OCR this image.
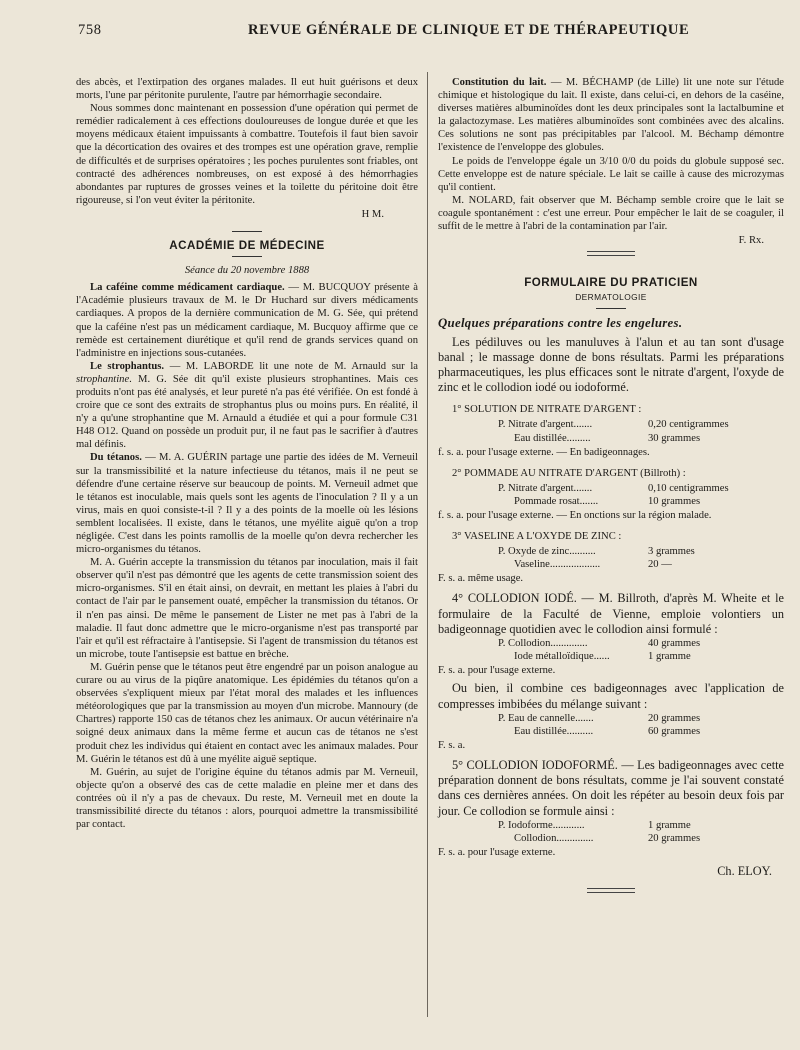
758	REVUE GÉNÉRALE DE CLINIQUE ET DE THÉRAPEUTIQUE

des abcès, et l'extirpation des organes malades. Il eut huit guérisons et deux morts, l'une par péritonite purulente, l'autre par hémorrhagie secondaire.

Nous sommes donc maintenant en possession d'une opération qui permet de remédier radicalement à ces effections douloureuses de longue durée et que les moyens médicaux étaient impuissants à combattre. Toutefois il faut bien savoir que la décortication des ovaires et des trompes est une opération grave, remplie de difficultés et de surprises opératoires ; les poches purulentes sont friables, ont contracté des adhérences nombreuses, on est exposé à des hémorrhagies abondantes par ruptures de grosses veines et la toilette du péritoine doit être rigoureuse, si l'on veut éviter la péritonite.

H M.

ACADÉMIE DE MÉDECINE

Séance du 20 novembre 1888

La caféine comme médicament cardiaque. — M. BUCQUOY présente à l'Académie plusieurs travaux de M. le Dr Huchard sur divers médicaments cardiaques. A propos de la dernière communication de M. G. Sée, qui prétend que la caféine n'est pas un médicament cardiaque, M. Bucquoy affirme que ce remède est certainement diurétique et qu'il rend de grands services quand on l'administre en injections sous-cutanées.

Le strophantus. — M. LABORDE lit une note de M. Arnauld sur la strophantine. M. G. Sée dit qu'il existe plusieurs strophantines. Mais ces produits n'ont pas été analysés, et leur pureté n'a pas été vérifiée. On est fondé à croire que ce sont des extraits de strophantus plus ou moins purs. En réalité, il n'y a qu'une strophantine que M. Arnauld a étudiée et qui a pour formule C31 H48 O12. Quand on possède un produit pur, il ne faut pas le sacrifier à d'autres mal définis.

Du tétanos. — M. A. GUÉRIN partage une partie des idées de M. Verneuil sur la transmissibilité et la nature infectieuse du tétanos, mais il ne peut se défendre d'une certaine réserve sur beaucoup de points. M. Verneuil admet que le tétanos est inoculable, mais quels sont les agents de l'inoculation ? Il y a un virus, mais en quoi consiste-t-il ? Il y a des points de la moelle où les lésions semblent localisées. Il existe, dans le tétanos, une myélite aiguë qu'on a trop négligée. C'est dans les points ramollis de la moelle qu'on devra rechercher les micro-organismes du tétanos.

M. A. Guérin accepte la transmission du tétanos par inoculation, mais il fait observer qu'il n'est pas démontré que les agents de cette transmission soient des micro-organismes. S'il en était ainsi, on devrait, en mettant les plaies à l'abri du contact de l'air par le pansement ouaté, empêcher la transmission du tétanos. Or il n'en pas ainsi. De même le pansement de Lister ne met pas à l'abri de la maladie. Il faut donc admettre que le micro-organisme n'est pas transporté par l'air et qu'il est réfractaire à l'antisepsie. Si l'agent de transmission du tétanos est un microbe, toute l'antisepsie est battue en brèche.

M. Guérin pense que le tétanos peut être engendré par un poison analogue au curare ou au virus de la piqûre anatomique. Les épidémies du tétanos qu'on a observées s'expliquent mieux par l'état moral des malades et les influences météorologiques que par la transmission au moyen d'un microbe. Mannoury (de Chartres) rapporte 150 cas de tétanos chez les animaux. Or aucun vétérinaire n'a soigné deux animaux dans la même ferme et aucun cas de tétanos ne s'est produit chez les individus qui étaient en contact avec les animaux malades. Pour M. Guérin le tétanos est dû à une myélite aiguë septique.

M. Guérin, au sujet de l'origine équine du tétanos admis par M. Verneuil, objecte qu'on a observé des cas de cette maladie en pleine mer et dans des contrées où il n'y a pas de chevaux. Du reste, M. Verneuil met en doute la transmissibilité directe du tétanos : alors, pourquoi admettre la transmissibilité par contact.

Constitution du lait. — M. BÉCHAMP (de Lille) lit une note sur l'étude chimique et histologique du lait. Il existe, dans celui-ci, en dehors de la caséine, diverses matières albuminoïdes dont les deux principales sont la lactalbumine et la galactozymase. Les matières albuminoïdes sont combinées avec des alcalins. Ces solutions ne sont pas précipitables par l'alcool. M. Béchamp démontre l'existence de l'enveloppe des globules.

Le poids de l'enveloppe égale un 3/10 0/0 du poids du globule supposé sec. Cette enveloppe est de nature spéciale. Le lait se caille à cause des microzymas qu'il contient.

M. NOLARD, fait observer que M. Béchamp semble croire que le lait se coagule spontanément : c'est une erreur. Pour empêcher le lait de se coaguler, il suffit de le mettre à l'abri de la contamination par l'air.

F. Rx.

FORMULAIRE DU PRATICIEN

DERMATOLOGIE

Quelques préparations contre les engelures.

Les pédiluves ou les manuluves à l'alun et au tan sont d'usage banal ; le massage donne de bons résultats. Parmi les préparations pharmaceutiques, les plus efficaces sont le nitrate d'argent, l'oxyde de zinc et le collodion iodé ou iodoformé.

1° SOLUTION DE NITRATE D'ARGENT :

P. Nitrate d'argent.......	0,20 centigrammes
Eau distillée.........	30 grammes

f. s. a. pour l'usage externe. — En badigeonnages.

2° POMMADE AU NITRATE D'ARGENT (Billroth) :

P. Nitrate d'argent.......	0,10 centigrammes
Pommade rosat.......	10 grammes

f. s. a. pour l'usage externe. — En onctions sur la région malade.

3° VASELINE A L'OXYDE DE ZINC :

P. Oxyde de zinc..........	3 grammes
Vaseline...................	20 —

F. s. a. même usage.

4° COLLODION IODÉ. — M. Billroth, d'après M. Wheite et le formulaire de la Faculté de Vienne, emploie volontiers un badigeonnage quotidien avec le collodion ainsi formulé :

P. Collodion..............	40 grammes
Iode métalloïdique......	1 gramme

F. s. a. pour l'usage externe.

Ou bien, il combine ces badigeonnages avec l'application de compresses imbibées du mélange suivant :

P. Eau de cannelle.......	20 grammes
Eau distillée..........	60 grammes

F. s. a.

5° COLLODION IODOFORMÉ. — Les badigeonnages avec cette préparation donnent de bons résultats, comme je l'ai souvent constaté dans ces dernières années. On doit les répéter au besoin deux fois par jour. Ce collodion se formule ainsi :

P. Iodoforme............	1 gramme
Collodion..............	20 grammes

F. s. a. pour l'usage externe.

Ch. ELOY.
